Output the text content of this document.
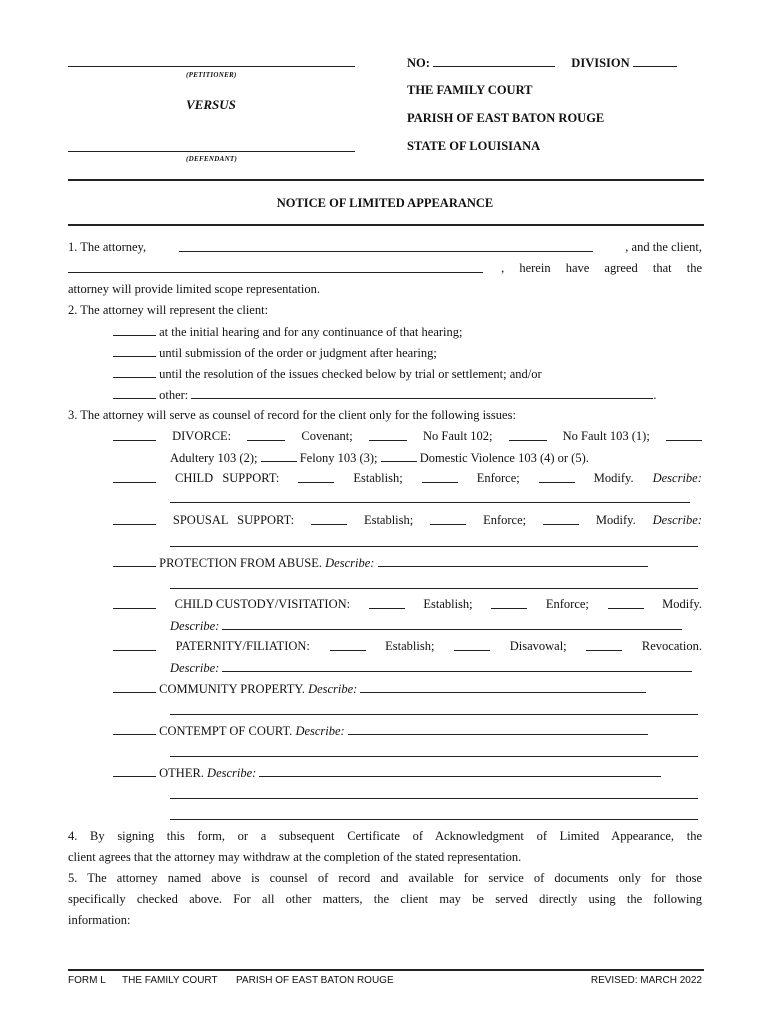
(PETITIONER)
VERSUS
(DEFENDANT)
NO:	DIVISION
THE FAMILY COURT
PARISH OF EAST BATON ROUGE
STATE OF LOUISIANA
NOTICE OF LIMITED APPEARANCE
1. The attorney,	, and the client,
, herein have agreed that the
attorney will provide limited scope representation.
2. The attorney will represent the client:
at the initial hearing and for any continuance of that hearing;
until submission of the order or judgment after hearing;
until the resolution of the issues checked below by trial or settlement; and/or
other:	.
3. The attorney will serve as counsel of record for the client only for the following issues:
DIVORCE:	Covenant;	No Fault 102;	No Fault 103 (1);
Adultery 103 (2);	Felony 103 (3);	Domestic Violence 103 (4) or (5).
CHILD SUPPORT:	Establish;	Enforce;	Modify. Describe:
SPOUSAL SUPPORT:	Establish;	Enforce;	Modify. Describe:
PROTECTION FROM ABUSE. Describe:
CHILD CUSTODY/VISITATION:	Establish;	Enforce;	Modify.
Describe:
PATERNITY/FILIATION:	Establish;	Disavowal;	Revocation.
Describe:
COMMUNITY PROPERTY. Describe:
CONTEMPT OF COURT. Describe:
OTHER. Describe:
4. By signing this form, or a subsequent Certificate of Acknowledgment of Limited Appearance, the
client agrees that the attorney may withdraw at the completion of the stated representation.
5. The attorney named above is counsel of record and available for service of documents only for those
specifically checked above. For all other matters, the client may be served directly using the following
information:
FORM L THE FAMILY COURT PARISH OF EAST BATON ROUGE	REVISED: MARCH 2022
